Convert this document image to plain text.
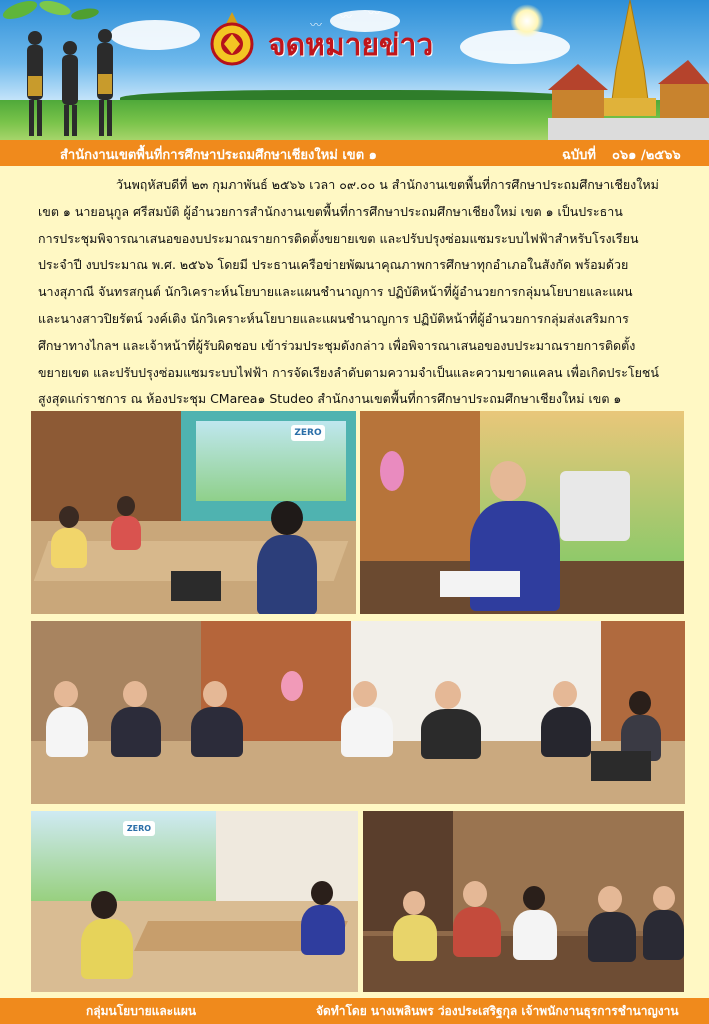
〰 〰
〰
จดหมายข่าว
สำนักงานเขตพื้นที่การศึกษาประถมศึกษาเชียงใหม่ เขต ๑	ฉบับที่ ๐๖๑ /๒๕๖๖
วันพฤหัสบดีที่ ๒๓ กุมภาพันธ์ ๒๕๖๖ เวลา ๐๙.๐๐ น สำนักงานเขตพื้นที่การศึกษาประถมศึกษาเชียงใหม่
เขต ๑ นายอนุกูล ศรีสมบัติ ผู้อำนวยการสำนักงานเขตพื้นที่การศึกษาประถมศึกษาเชียงใหม่ เขต ๑ เป็นประธาน
การประชุมพิจารณาเสนอของบประมาณรายการติดตั้งขยายเขต และปรับปรุงซ่อมแซมระบบไฟฟ้าสำหรับโรงเรียน
ประจำปี งบประมาณ พ.ศ. ๒๕๖๖ โดยมี ประธานเครือข่ายพัฒนาคุณภาพการศึกษาทุกอำเภอในสังกัด พร้อมด้วย
นางสุภาณี จันทรสกุนต์ นักวิเคราะห์นโยบายและแผนชำนาญการ ปฏิบัติหน้าที่ผู้อำนวยการกลุ่มนโยบายและแผน
และนางสาวปิยรัตน์ วงค์เติง นักวิเคราะห์นโยบายและแผนชำนาญการ ปฏิบัติหน้าที่ผู้อำนวยการกลุ่มส่งเสริมการ
ศึกษาทางไกลฯ และเจ้าหน้าที่ผู้รับผิดชอบ เข้าร่วมประชุมดังกล่าว เพื่อพิจารณาเสนอของบประมาณรายการติดตั้ง
ขยายเขต และปรับปรุงซ่อมแซมระบบไฟฟ้า การจัดเรียงลำดับตามความจำเป็นและความขาดแคลน เพื่อเกิดประโยชน์
สูงสุดแก่ราชการ ณ ห้องประชุม CMarea๑ Studeo สำนักงานเขตพื้นที่การศึกษาประถมศึกษาเชียงใหม่ เขต ๑
ZERO
ZERO
กลุ่มนโยบายและแผน	จัดทำโดย นางเพลินพร ว่องประเสริฐกุล เจ้าพนักงานธุรการชำนาญงาน
